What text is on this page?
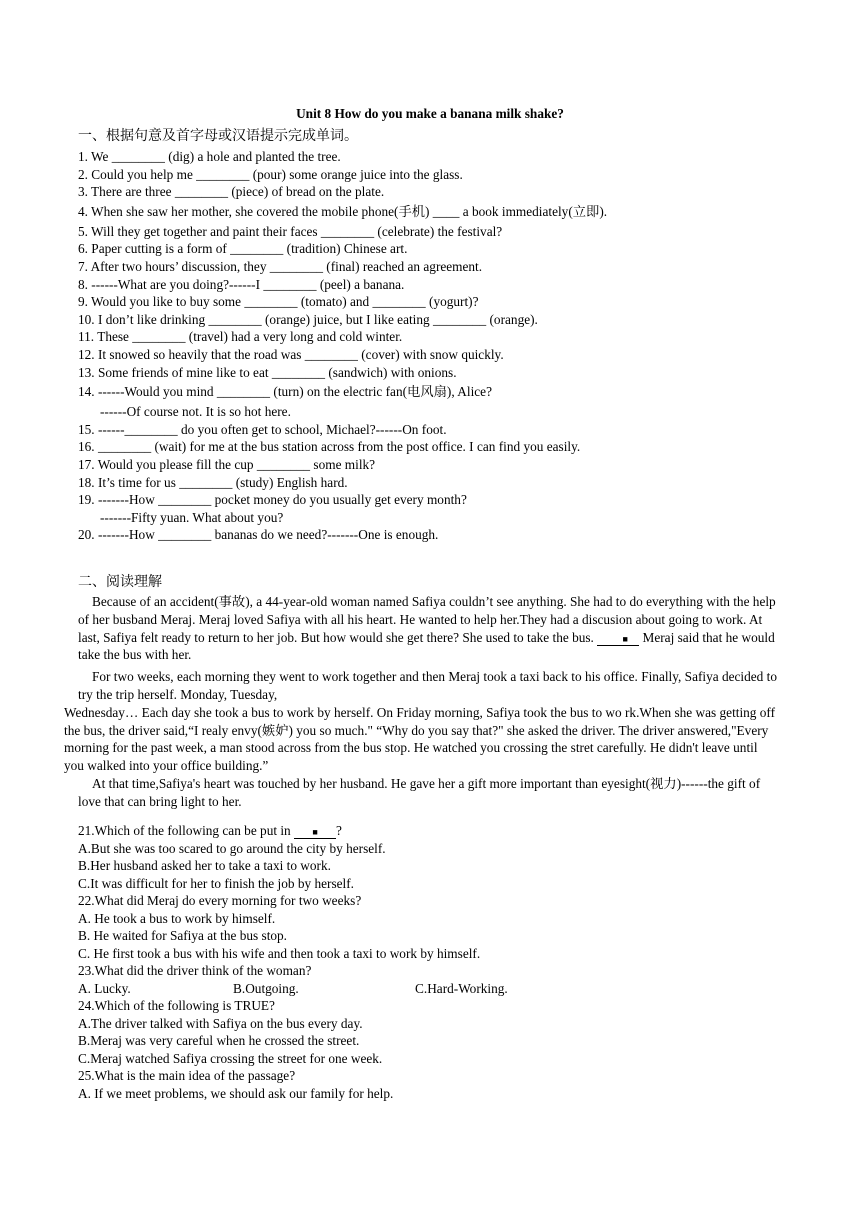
Unit 8 How do you make a banana milk shake?
一、根据句意及首字母或汉语提示完成单词。
1. We ________ (dig) a hole and planted the tree.
2. Could you help me ________ (pour) some orange juice into the glass.
3. There are three ________ (piece) of bread on the plate.
4. When she saw her mother, she covered the mobile phone(手机) ____ a book immediately(立即).
5. Will they get together and paint their faces ________ (celebrate) the festival?
6. Paper cutting is a form of ________ (tradition) Chinese art.
7. After two hours’ discussion, they ________ (final) reached an agreement.
8. ------What are you doing?------I ________ (peel) a banana.
9. Would you like to buy some ________ (tomato) and ________ (yogurt)?
10. I don’t like drinking ________ (orange) juice, but I like eating ________ (orange).
11. These ________ (travel) had a very long and cold winter.
12. It snowed so heavily that the road was ________ (cover) with snow quickly.
13. Some friends of mine like to eat ________ (sandwich) with onions.
14. ------Would you mind ________ (turn) on the electric fan(电风扇), Alice?
------Of course not. It is so hot here.
15. ------________ do you often get to school, Michael?------On foot.
16. ________ (wait) for me at the bus station across from the post office. I can find you easily.
17. Would you please fill the cup ________ some milk?
18. It’s time for us ________ (study) English hard.
19. -------How ________ pocket money do you usually get every month?
-------Fifty yuan. What about you?
20. -------How ________ bananas do we need?-------One is enough.
二、阅读理解

Because of an accident(事故), a 44-year-old woman named Safiya couldn’t see anything. She had to do everything with the help of her busband Meraj. Meraj loved Safiya with all his heart. He wanted to help her.They had a discusion about going to work. At last, Safiya felt ready to return to her job. But how would she get there? She used to take the bus.	■ Meraj said that he would take the bus with her.

For two weeks, each morning they went to work together and then Meraj took a taxi back to his office. Finally, Safiya decided to try the trip herself. Monday, Tuesday,
Wednesday… Each day she took a bus to work by herself. On Friday morning, Safiya took the bus to wo rk.When she was getting off the bus, the driver said,“I realy envy(嫉妒) you so much." “Why do you say that?" she asked the driver. The driver answered,"Every morning for the past week, a man stood across from the bus stop. He watched you crossing the stret carefully. He didn't leave until you walked into your office building.”

At that time,Safiya's heart was touched by her husband. He gave her a gift more important than eyesight(视力)------the gift of love that can bring light to her.

21.Which of the following can be put in ■ ?
A.But she was too scared to go around the city by herself.
B.Her husband asked her to take a taxi to work.
C.It was difficult for her to finish the job by herself.
22.What did Meraj do every morning for two weeks?
A. He took a bus to work by himself.
B. He waited for Safiya at the bus stop.
C. He first took a bus with his wife and then took a taxi to work by himself.
23.What did the driver think of the woman?
A. Lucky.	B.Outgoing.	C.Hard-Working.
24.Which of the following is TRUE?
A.The driver talked with Safiya on the bus every day.
B.Meraj was very careful when he crossed the street.
C.Meraj watched Safiya crossing the street for one week.
25.What is the main idea of the passage?
A. If we meet problems, we should ask our family for help.
